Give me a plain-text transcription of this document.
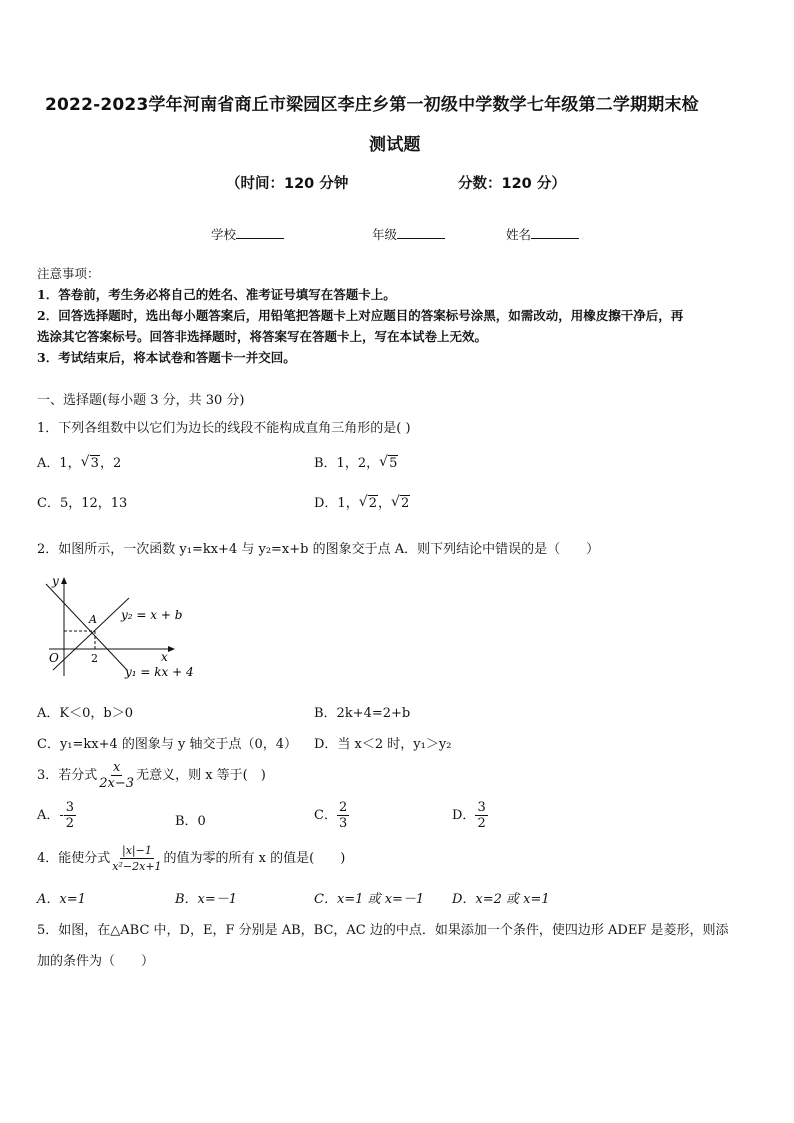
2022-2023学年河南省商丘市梁园区李庄乡第一初级中学数学七年级第二学期期末检
测试题
（时间：120 分钟	分数：120 分）
学校	年级	姓名
注意事项：
1．答卷前，考生务必将自己的姓名、准考证号填写在答题卡上。
2．回答选择题时，选出每小题答案后，用铅笔把答题卡上对应题目的答案标号涂黑，如需改动，用橡皮擦干净后，再
选涂其它答案标号。回答非选择题时，将答案写在答题卡上，写在本试卷上无效。
3．考试结束后，将本试卷和答题卡一并交回。
一、选择题(每小题 3 分，共 30 分)
1．下列各组数中以它们为边长的线段不能构成直角三角形的是( )
A．1， √ 3，2	B．1，2， √ 5
C．5，12，13	D．1， √ 2， √ 2
2．如图所示，一次函数 y₁=kx+4 与 y₂=x+b 的图象交于点 A．则下列结论中错误的是（　　）
y
x
O
A
2
y₂ = x + b
y₁ = kx + 4
A．K＜0，b＞0	B．2k+4=2+b
C．y₁=kx+4 的图象与 y 轴交于点（0，4） D．当 x＜2 时，y₁＞y₂
3．若分式 $\frac{x}{2x-3}$ 无意义，则 x 等于(　)
A．- $\frac{3}{2}$	B．0	C． $\frac{2}{3}$	D． $\frac{3}{2}$
4．能使分式 $\frac{|x|-1}{\text{x²−2x+1}}$ 的值为零的所有 x 的值是(　　)
A．x=1	B．x=－1	C．x=1 或 x=－1 D．x=2 或 x=1
5．如图，在△ABC 中，D，E，F 分别是 AB，BC，AC 边的中点．如果添加一个条件，使四边形 ADEF 是菱形，则添
加的条件为（　　）
